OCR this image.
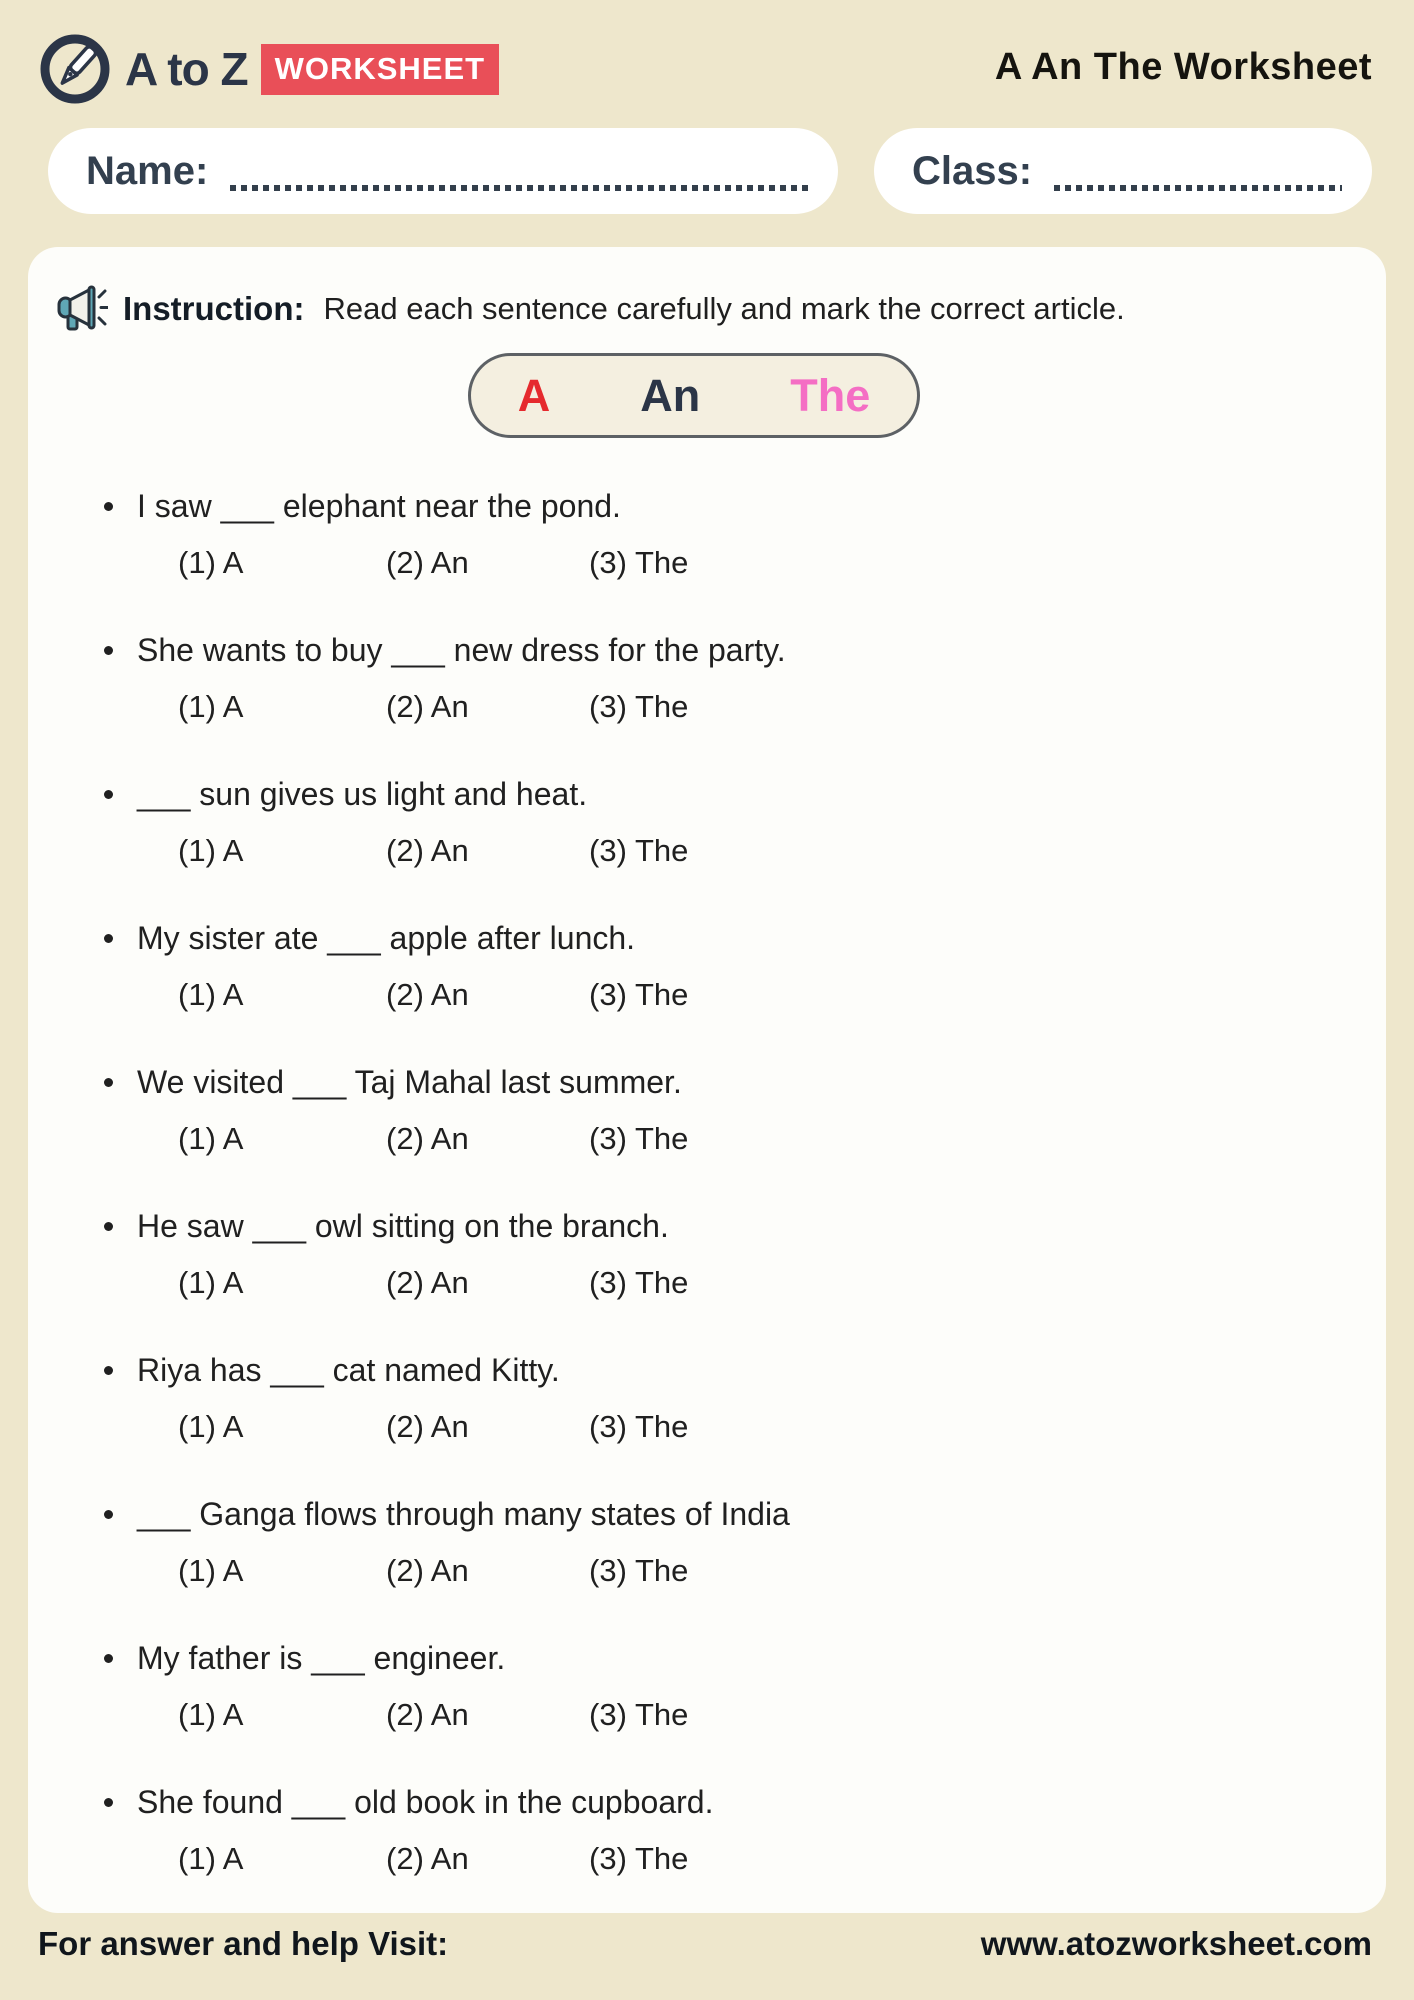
A to Z WORKSHEET	A An The Worksheet
Name:	Class:
Instruction: Read each sentence carefully and mark the correct article.
A An The
I saw ___ elephant near the pond.
(1) A	(2) An	(3) The
She wants to buy ___ new dress for the party.
(1) A	(2) An	(3) The
___ sun gives us light and heat.
(1) A	(2) An	(3) The
My sister ate ___ apple after lunch.
(1) A	(2) An	(3) The
We visited ___ Taj Mahal last summer.
(1) A	(2) An	(3) The
He saw ___ owl sitting on the branch.
(1) A	(2) An	(3) The
Riya has ___ cat named Kitty.
(1) A	(2) An	(3) The
___ Ganga flows through many states of India
(1) A	(2) An	(3) The
My father is ___ engineer.
(1) A	(2) An	(3) The
She found ___ old book in the cupboard.
(1) A	(2) An	(3) The
For answer and help Visit:	www.atozworksheet.com
